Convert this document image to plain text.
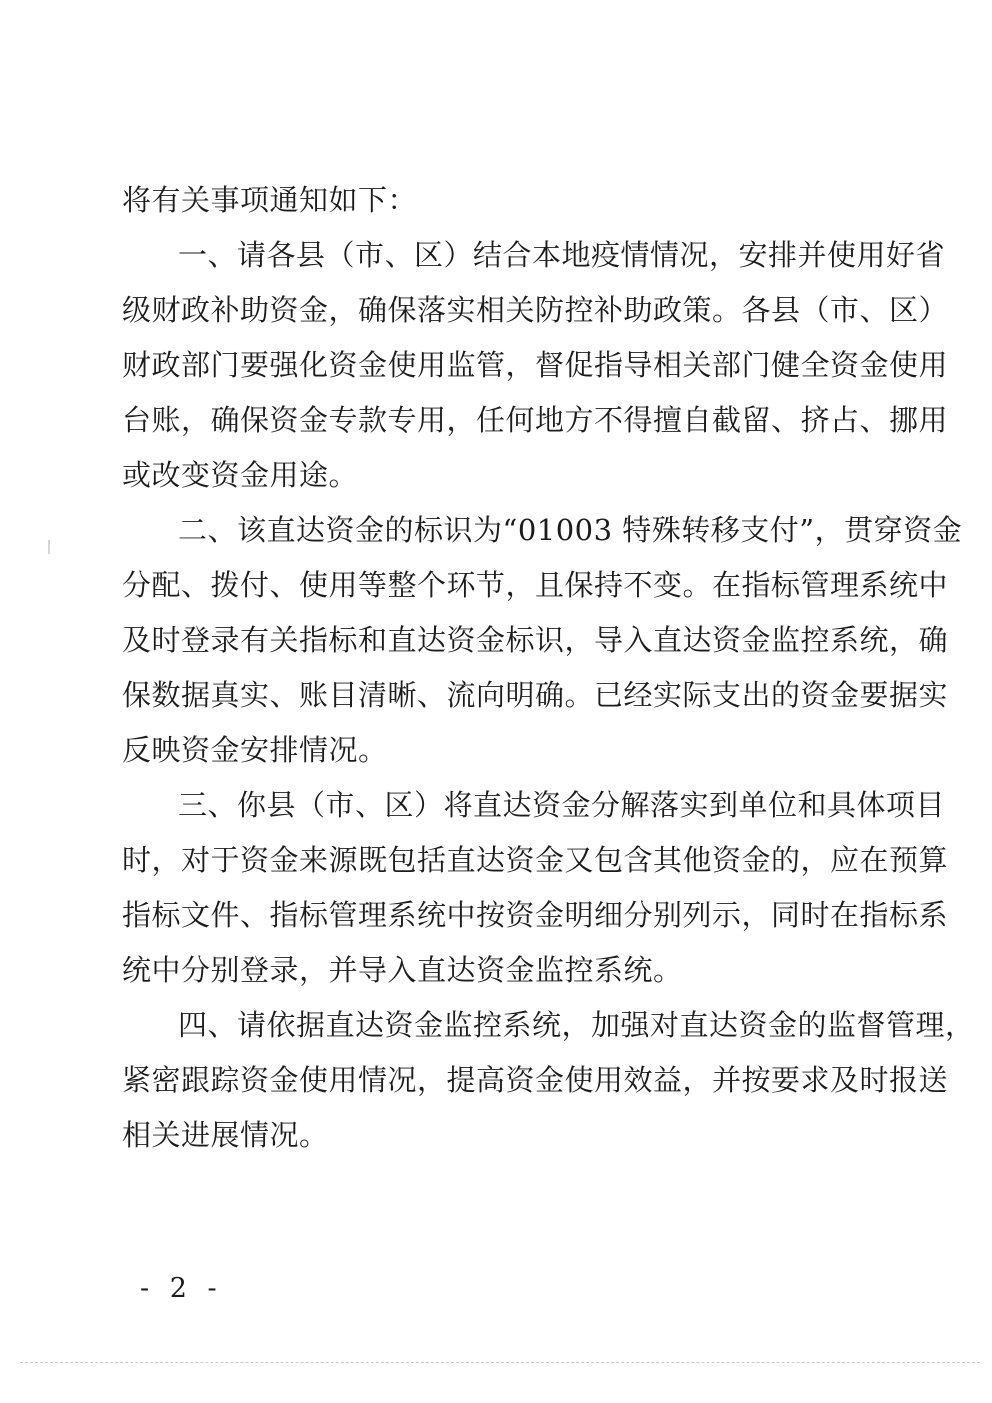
将有关事项通知如下：
一、请各县（市、区）结合本地疫情情况，安排并使用好省
级财政补助资金，确保落实相关防控补助政策。各县（市、区）
财政部门要强化资金使用监管，督促指导相关部门健全资金使用
台账，确保资金专款专用，任何地方不得擅自截留、挤占、挪用
或改变资金用途。
二、该直达资金的标识为“01003 特殊转移支付”，贯穿资金
分配、拨付、使用等整个环节，且保持不变。在指标管理系统中
及时登录有关指标和直达资金标识，导入直达资金监控系统，确
保数据真实、账目清晰、流向明确。已经实际支出的资金要据实
反映资金安排情况。
三、你县（市、区）将直达资金分解落实到单位和具体项目
时，对于资金来源既包括直达资金又包含其他资金的，应在预算
指标文件、指标管理系统中按资金明细分别列示，同时在指标系
统中分别登录，并导入直达资金监控系统。
四、请依据直达资金监控系统，加强对直达资金的监督管理，
紧密跟踪资金使用情况，提高资金使用效益，并按要求及时报送
相关进展情况。
- 2 -
